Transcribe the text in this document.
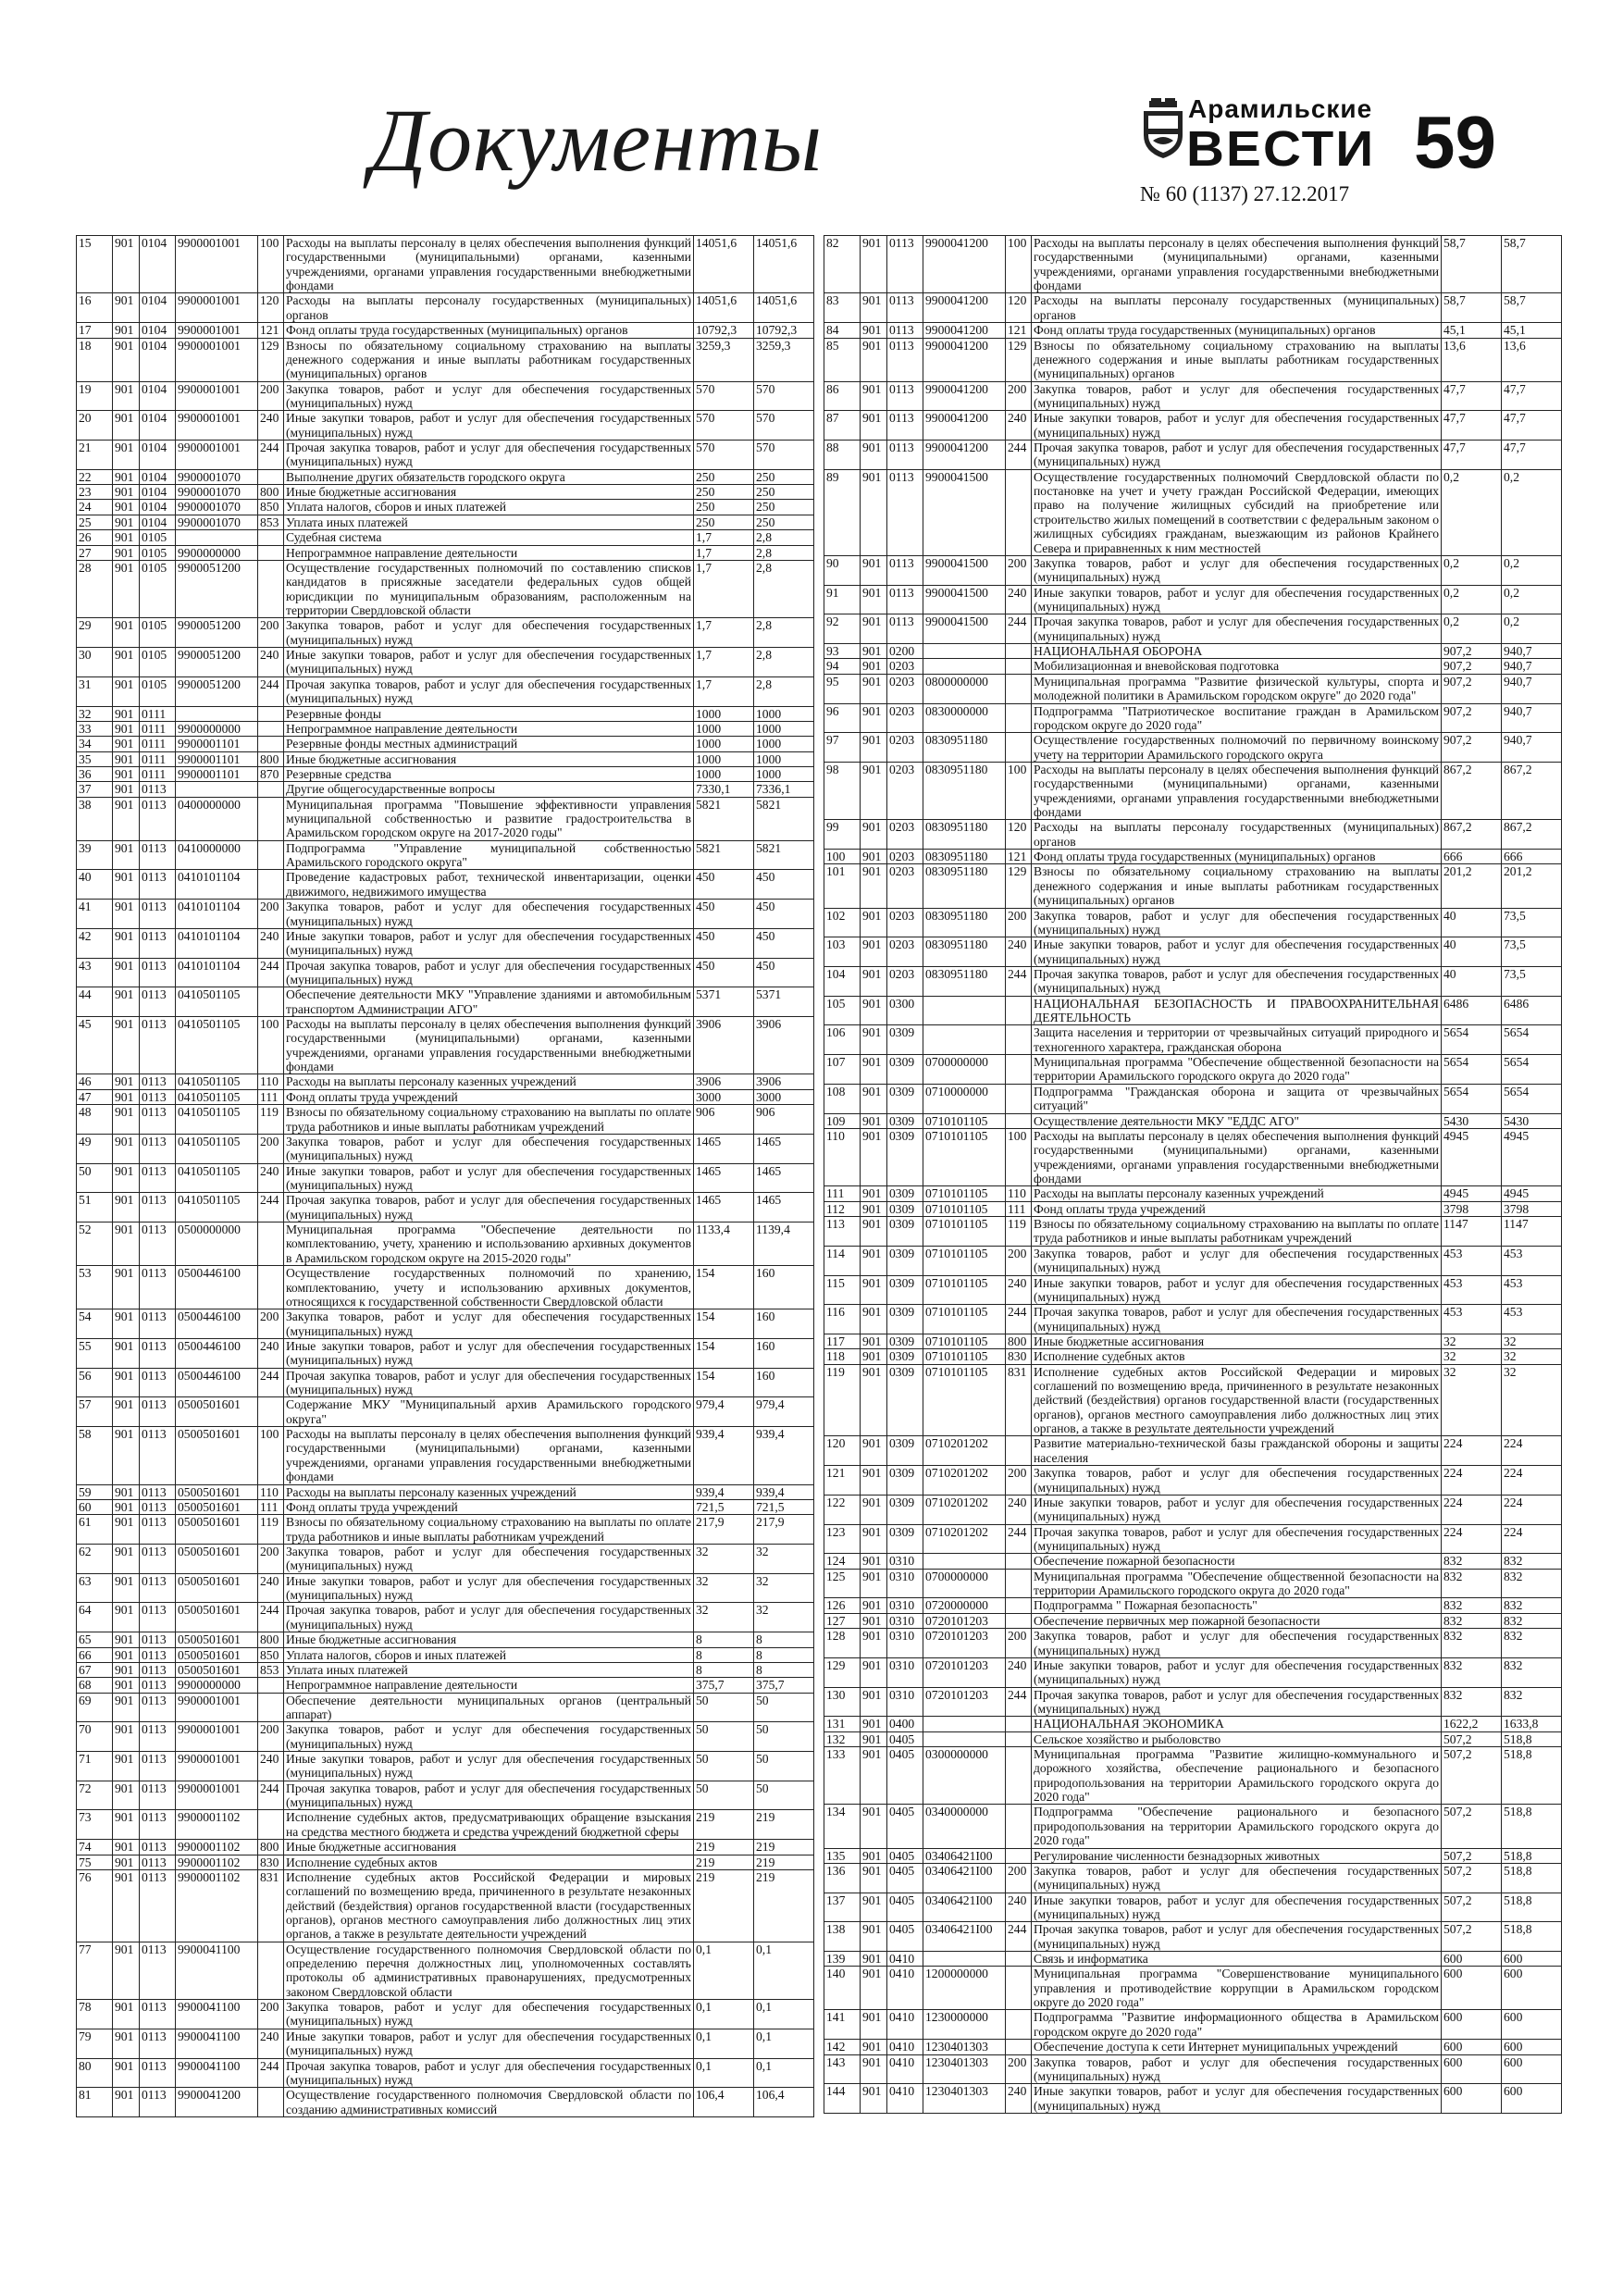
Документы	Арамильские
ВЕСТИ
№ 60 (1137) 27.12.2017
59
15	901	0104	9900001001	100	Расходы на выплаты персоналу в целях обеспечения выполнения функций государственными (муниципальными) органами, казенными учреждениями, органами управления государственными внебюджетными фондами	14051,6	14051,6
16	901	0104	9900001001	120	Расходы на выплаты персоналу государственных (муниципальных) органов	14051,6	14051,6
17	901	0104	9900001001	121	Фонд оплаты труда государственных (муниципальных) органов	10792,3	10792,3
18	901	0104	9900001001	129	Взносы по обязательному социальному страхованию на выплаты денежного содержания и иные выплаты работникам государственных (муниципальных) органов	3259,3	3259,3
19	901	0104	9900001001	200	Закупка товаров, работ и услуг для обеспечения государственных (муниципальных) нужд	570	570
20	901	0104	9900001001	240	Иные закупки товаров, работ и услуг для обеспечения государственных (муниципальных) нужд	570	570
21	901	0104	9900001001	244	Прочая закупка товаров, работ и услуг для обеспечения государственных (муниципальных) нужд	570	570
22	901	0104	9900001070		Выполнение других обязательств городского округа	250	250
23	901	0104	9900001070	800	Иные бюджетные ассигнования	250	250
24	901	0104	9900001070	850	Уплата налогов, сборов и иных платежей	250	250
25	901	0104	9900001070	853	Уплата иных платежей	250	250
26	901	0105			Судебная система	1,7	2,8
27	901	0105	9900000000		Непрограммное направление деятельности	1,7	2,8
28	901	0105	9900051200		Осуществление государственных полномочий по составлению списков кандидатов в присяжные заседатели федеральных судов общей юрисдикции по муниципальным образованиям, расположенным на территории Свердловской области	1,7	2,8
29	901	0105	9900051200	200	Закупка товаров, работ и услуг для обеспечения государственных (муниципальных) нужд	1,7	2,8
30	901	0105	9900051200	240	Иные закупки товаров, работ и услуг для обеспечения государственных (муниципальных) нужд	1,7	2,8
31	901	0105	9900051200	244	Прочая закупка товаров, работ и услуг для обеспечения государственных (муниципальных) нужд	1,7	2,8
32	901	0111			Резервные фонды	1000	1000
33	901	0111	9900000000		Непрограммное направление деятельности	1000	1000
34	901	0111	9900001101		Резервные фонды местных администраций	1000	1000
35	901	0111	9900001101	800	Иные бюджетные ассигнования	1000	1000
36	901	0111	9900001101	870	Резервные средства	1000	1000
37	901	0113			Другие общегосударственные вопросы	7330,1	7336,1
38	901	0113	0400000000		Муниципальная программа "Повышение эффективности управления муниципальной собственностью и развитие градостроительства в Арамильском городском округе на 2017-2020 годы"	5821	5821
39	901	0113	0410000000		Подпрограмма "Управление муниципальной собственностью Арамильского городского округа"	5821	5821
40	901	0113	0410101104		Проведение кадастровых работ, технической инвентаризации, оценки движимого, недвижимого имущества	450	450
41	901	0113	0410101104	200	Закупка товаров, работ и услуг для обеспечения государственных (муниципальных) нужд	450	450
42	901	0113	0410101104	240	Иные закупки товаров, работ и услуг для обеспечения государственных (муниципальных) нужд	450	450
43	901	0113	0410101104	244	Прочая закупка товаров, работ и услуг для обеспечения государственных (муниципальных) нужд	450	450
44	901	0113	0410501105		Обеспечение деятельности МКУ "Управление зданиями и автомобильным транспортом Администрации АГО"	5371	5371
45	901	0113	0410501105	100	Расходы на выплаты персоналу в целях обеспечения выполнения функций государственными (муниципальными) органами, казенными учреждениями, органами управления государственными внебюджетными фондами	3906	3906
46	901	0113	0410501105	110	Расходы на выплаты персоналу казенных учреждений	3906	3906
47	901	0113	0410501105	111	Фонд оплаты труда учреждений	3000	3000
48	901	0113	0410501105	119	Взносы по обязательному социальному страхованию на выплаты по оплате труда работников и иные выплаты работникам учреждений	906	906
49	901	0113	0410501105	200	Закупка товаров, работ и услуг для обеспечения государственных (муниципальных) нужд	1465	1465
50	901	0113	0410501105	240	Иные закупки товаров, работ и услуг для обеспечения государственных (муниципальных) нужд	1465	1465
51	901	0113	0410501105	244	Прочая закупка товаров, работ и услуг для обеспечения государственных (муниципальных) нужд	1465	1465
52	901	0113	0500000000		Муниципальная программа "Обеспечение деятельности по комплектованию, учету, хранению и использованию архивных документов в Арамильском городском округе на 2015-2020 годы"	1133,4	1139,4
53	901	0113	0500446100		Осуществление государственных полномочий по хранению, комплектованию, учету и использованию архивных документов, относящихся к государственной собственности Свердловской области	154	160
54	901	0113	0500446100	200	Закупка товаров, работ и услуг для обеспечения государственных (муниципальных) нужд	154	160
55	901	0113	0500446100	240	Иные закупки товаров, работ и услуг для обеспечения государственных (муниципальных) нужд	154	160
56	901	0113	0500446100	244	Прочая закупка товаров, работ и услуг для обеспечения государственных (муниципальных) нужд	154	160
57	901	0113	0500501601		Содержание МКУ "Муниципальный архив Арамильского городского округа"	979,4	979,4
58	901	0113	0500501601	100	Расходы на выплаты персоналу в целях обеспечения выполнения функций государственными (муниципальными) органами, казенными учреждениями, органами управления государственными внебюджетными фондами	939,4	939,4
59	901	0113	0500501601	110	Расходы на выплаты персоналу казенных учреждений	939,4	939,4
60	901	0113	0500501601	111	Фонд оплаты труда учреждений	721,5	721,5
61	901	0113	0500501601	119	Взносы по обязательному социальному страхованию на выплаты по оплате труда работников и иные выплаты работникам учреждений	217,9	217,9
62	901	0113	0500501601	200	Закупка товаров, работ и услуг для обеспечения государственных (муниципальных) нужд	32	32
63	901	0113	0500501601	240	Иные закупки товаров, работ и услуг для обеспечения государственных (муниципальных) нужд	32	32
64	901	0113	0500501601	244	Прочая закупка товаров, работ и услуг для обеспечения государственных (муниципальных) нужд	32	32
65	901	0113	0500501601	800	Иные бюджетные ассигнования	8	8
66	901	0113	0500501601	850	Уплата налогов, сборов и иных платежей	8	8
67	901	0113	0500501601	853	Уплата иных платежей	8	8
68	901	0113	9900000000		Непрограммное направление деятельности	375,7	375,7
69	901	0113	9900001001		Обеспечение деятельности муниципальных органов (центральный аппарат)	50	50
70	901	0113	9900001001	200	Закупка товаров, работ и услуг для обеспечения государственных (муниципальных) нужд	50	50
71	901	0113	9900001001	240	Иные закупки товаров, работ и услуг для обеспечения государственных (муниципальных) нужд	50	50
72	901	0113	9900001001	244	Прочая закупка товаров, работ и услуг для обеспечения государственных (муниципальных) нужд	50	50
73	901	0113	9900001102		Исполнение судебных актов, предусматривающих обращение взыскания на средства местного бюджета и средства учреждений бюджетной сферы	219	219
74	901	0113	9900001102	800	Иные бюджетные ассигнования	219	219
75	901	0113	9900001102	830	Исполнение судебных актов	219	219
76	901	0113	9900001102	831	Исполнение судебных актов Российской Федерации и мировых соглашений по возмещению вреда, причиненного в результате незаконных действий (бездействия) органов государственной власти (государственных органов), органов местного самоуправления либо должностных лиц этих органов, а также в результате деятельности учреждений	219	219
77	901	0113	9900041100		Осуществление государственного полномочия Свердловской области по определению перечня должностных лиц, уполномоченных составлять протоколы об административных правонарушениях, предусмотренных законом Свердловской области	0,1	0,1
78	901	0113	9900041100	200	Закупка товаров, работ и услуг для обеспечения государственных (муниципальных) нужд	0,1	0,1
79	901	0113	9900041100	240	Иные закупки товаров, работ и услуг для обеспечения государственных (муниципальных) нужд	0,1	0,1
80	901	0113	9900041100	244	Прочая закупка товаров, работ и услуг для обеспечения государственных (муниципальных) нужд	0,1	0,1
81	901	0113	9900041200		Осуществление государственного полномочия Свердловской области по созданию административных комиссий	106,4	106,4
82	901	0113	9900041200	100	Расходы на выплаты персоналу в целях обеспечения выполнения функций государственными (муниципальными) органами, казенными учреждениями, органами управления государственными внебюджетными фондами	58,7	58,7
83	901	0113	9900041200	120	Расходы на выплаты персоналу государственных (муниципальных) органов	58,7	58,7
84	901	0113	9900041200	121	Фонд оплаты труда государственных (муниципальных) органов	45,1	45,1
85	901	0113	9900041200	129	Взносы по обязательному социальному страхованию на выплаты денежного содержания и иные выплаты работникам государственных (муниципальных) органов	13,6	13,6
86	901	0113	9900041200	200	Закупка товаров, работ и услуг для обеспечения государственных (муниципальных) нужд	47,7	47,7
87	901	0113	9900041200	240	Иные закупки товаров, работ и услуг для обеспечения государственных (муниципальных) нужд	47,7	47,7
88	901	0113	9900041200	244	Прочая закупка товаров, работ и услуг для обеспечения государственных (муниципальных) нужд	47,7	47,7
89	901	0113	9900041500		Осуществление государственных полномочий Свердловской области по постановке на учет и учету граждан Российской Федерации, имеющих право на получение жилищных субсидий на приобретение или строительство жилых помещений в соответствии с федеральным законом о жилищных субсидиях гражданам, выезжающим из районов Крайнего Севера и приравненных к ним местностей	0,2	0,2
90	901	0113	9900041500	200	Закупка товаров, работ и услуг для обеспечения государственных (муниципальных) нужд	0,2	0,2
91	901	0113	9900041500	240	Иные закупки товаров, работ и услуг для обеспечения государственных (муниципальных) нужд	0,2	0,2
92	901	0113	9900041500	244	Прочая закупка товаров, работ и услуг для обеспечения государственных (муниципальных) нужд	0,2	0,2
93	901	0200			НАЦИОНАЛЬНАЯ ОБОРОНА	907,2	940,7
94	901	0203			Мобилизационная и вневойсковая подготовка	907,2	940,7
95	901	0203	0800000000		Муниципальная программа "Развитие физической культуры, спорта и молодежной политики в Арамильском городском округе" до 2020 года"	907,2	940,7
96	901	0203	0830000000		Подпрограмма "Патриотическое воспитание граждан в Арамильском городском округе до 2020 года"	907,2	940,7
97	901	0203	0830951180		Осуществление государственных полномочий по первичному воинскому учету на территории Арамильского городского округа	907,2	940,7
98	901	0203	0830951180	100	Расходы на выплаты персоналу в целях обеспечения выполнения функций государственными (муниципальными) органами, казенными учреждениями, органами управления государственными внебюджетными фондами	867,2	867,2
99	901	0203	0830951180	120	Расходы на выплаты персоналу государственных (муниципальных) органов	867,2	867,2
100	901	0203	0830951180	121	Фонд оплаты труда государственных (муниципальных) органов	666	666
101	901	0203	0830951180	129	Взносы по обязательному социальному страхованию на выплаты денежного содержания и иные выплаты работникам государственных (муниципальных) органов	201,2	201,2
102	901	0203	0830951180	200	Закупка товаров, работ и услуг для обеспечения государственных (муниципальных) нужд	40	73,5
103	901	0203	0830951180	240	Иные закупки товаров, работ и услуг для обеспечения государственных (муниципальных) нужд	40	73,5
104	901	0203	0830951180	244	Прочая закупка товаров, работ и услуг для обеспечения государственных (муниципальных) нужд	40	73,5
105	901	0300			НАЦИОНАЛЬНАЯ БЕЗОПАСНОСТЬ И ПРАВООХРАНИТЕЛЬНАЯ ДЕЯТЕЛЬНОСТЬ	6486	6486
106	901	0309			Защита населения и территории от чрезвычайных ситуаций природного и техногенного характера, гражданская оборона	5654	5654
107	901	0309	0700000000		Муниципальная программа "Обеспечение общественной безопасности на территории Арамильского городского округа до 2020 года"	5654	5654
108	901	0309	0710000000		Подпрограмма "Гражданская оборона и защита от чрезвычайных ситуаций"	5654	5654
109	901	0309	0710101105		Осуществление деятельности МКУ "ЕДДС АГО"	5430	5430
110	901	0309	0710101105	100	Расходы на выплаты персоналу в целях обеспечения выполнения функций государственными (муниципальными) органами, казенными учреждениями, органами управления государственными внебюджетными фондами	4945	4945
111	901	0309	0710101105	110	Расходы на выплаты персоналу казенных учреждений	4945	4945
112	901	0309	0710101105	111	Фонд оплаты труда учреждений	3798	3798
113	901	0309	0710101105	119	Взносы по обязательному социальному страхованию на выплаты по оплате труда работников и иные выплаты работникам учреждений	1147	1147
114	901	0309	0710101105	200	Закупка товаров, работ и услуг для обеспечения государственных (муниципальных) нужд	453	453
115	901	0309	0710101105	240	Иные закупки товаров, работ и услуг для обеспечения государственных (муниципальных) нужд	453	453
116	901	0309	0710101105	244	Прочая закупка товаров, работ и услуг для обеспечения государственных (муниципальных) нужд	453	453
117	901	0309	0710101105	800	Иные бюджетные ассигнования	32	32
118	901	0309	0710101105	830	Исполнение судебных актов	32	32
119	901	0309	0710101105	831	Исполнение судебных актов Российской Федерации и мировых соглашений по возмещению вреда, причиненного в результате незаконных действий (бездействия) органов государственной власти (государственных органов), органов местного самоуправления либо должностных лиц этих органов, а также в результате деятельности учреждений	32	32
120	901	0309	0710201202		Развитие материально-технической базы гражданской обороны и защиты населения	224	224
121	901	0309	0710201202	200	Закупка товаров, работ и услуг для обеспечения государственных (муниципальных) нужд	224	224
122	901	0309	0710201202	240	Иные закупки товаров, работ и услуг для обеспечения государственных (муниципальных) нужд	224	224
123	901	0309	0710201202	244	Прочая закупка товаров, работ и услуг для обеспечения государственных (муниципальных) нужд	224	224
124	901	0310			Обеспечение пожарной безопасности	832	832
125	901	0310	0700000000		Муниципальная программа "Обеспечение общественной безопасности на территории Арамильского городского округа до 2020 года"	832	832
126	901	0310	0720000000		Подпрограмма " Пожарная безопасность"	832	832
127	901	0310	0720101203		Обеспечение первичных мер пожарной безопасности	832	832
128	901	0310	0720101203	200	Закупка товаров, работ и услуг для обеспечения государственных (муниципальных) нужд	832	832
129	901	0310	0720101203	240	Иные закупки товаров, работ и услуг для обеспечения государственных (муниципальных) нужд	832	832
130	901	0310	0720101203	244	Прочая закупка товаров, работ и услуг для обеспечения государственных (муниципальных) нужд	832	832
131	901	0400			НАЦИОНАЛЬНАЯ ЭКОНОМИКА	1622,2	1633,8
132	901	0405			Сельское хозяйство и рыболовство	507,2	518,8
133	901	0405	0300000000		Муниципальная программа "Развитие жилищно-коммунального и дорожного хозяйства, обеспечение рационального и безопасного природопользования на территории Арамильского городского округа до 2020 года"	507,2	518,8
134	901	0405	0340000000		Подпрограмма "Обеспечение рационального и безопасного природопользования на территории Арамильского городского округа до 2020 года"	507,2	518,8
135	901	0405	03406421I00		Регулирование численности безнадзорных животных	507,2	518,8
136	901	0405	03406421I00	200	Закупка товаров, работ и услуг для обеспечения государственных (муниципальных) нужд	507,2	518,8
137	901	0405	03406421I00	240	Иные закупки товаров, работ и услуг для обеспечения государственных (муниципальных) нужд	507,2	518,8
138	901	0405	03406421I00	244	Прочая закупка товаров, работ и услуг для обеспечения государственных (муниципальных) нужд	507,2	518,8
139	901	0410			Связь и информатика	600	600
140	901	0410	1200000000		Муниципальная программа "Совершенствование муниципального управления и противодействие коррупции в Арамильском городском округе до 2020 года"	600	600
141	901	0410	1230000000		Подпрограмма "Развитие информационного общества в Арамильском городском округе до 2020 года"	600	600
142	901	0410	1230401303		Обеспечение доступа к сети Интернет муниципальных учреждений	600	600
143	901	0410	1230401303	200	Закупка товаров, работ и услуг для обеспечения государственных (муниципальных) нужд	600	600
144	901	0410	1230401303	240	Иные закупки товаров, работ и услуг для обеспечения государственных (муниципальных) нужд	600	600
